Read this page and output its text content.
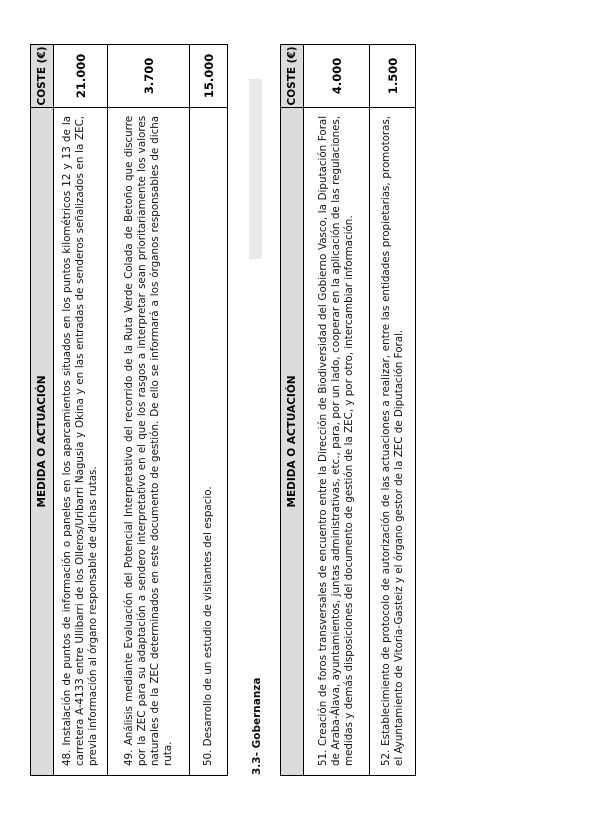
MEDIDA O ACTUACIÓN	COSTE (€)
48. Instalación de puntos de información o paneles en los aparcamientos situados en los puntos kilométricos 12 y 13 de la carretera A-4133 entre Ullibarri de los Olleros/Uribarri Nagusia y Okina y en las entradas de senderos señalizados en la ZEC, previa información al órgano responsable de dichas rutas.	21.000
49. Análisis mediante Evaluación del Potencial Interpretativo del recorrido de la Ruta Verde Colada de Betoño que discurre por la ZEC para su adaptación a sendero interpretativo en el que los rasgos a interpretar sean prioritariamente los valores naturales de la ZEC determinados en este documento de gestión. De ello se informará a los órganos responsables de dicha ruta.	3.700
50. Desarrollo de un estudio de visitantes del espacio.	15.000
3.3- Gobernanza
MEDIDA O ACTUACIÓN	COSTE (€)
51. Creación de foros transversales de encuentro entre la Dirección de Biodiversidad del Gobierno Vasco, la Diputación Foral de Araba-Álava, ayuntamientos, juntas administrativas, etc., para, por un lado, cooperar en la aplicación de las regulaciones, medidas y demás disposiciones del documento de gestión de la ZEC, y por otro, intercambiar información.	4.000
52. Establecimiento de protocolo de autorización de las actuaciones a realizar, entre las entidades propietarias, promotoras, el Ayuntamiento de Vitoria-Gasteiz y el órgano gestor de la ZEC de Diputación Foral.	1.500
